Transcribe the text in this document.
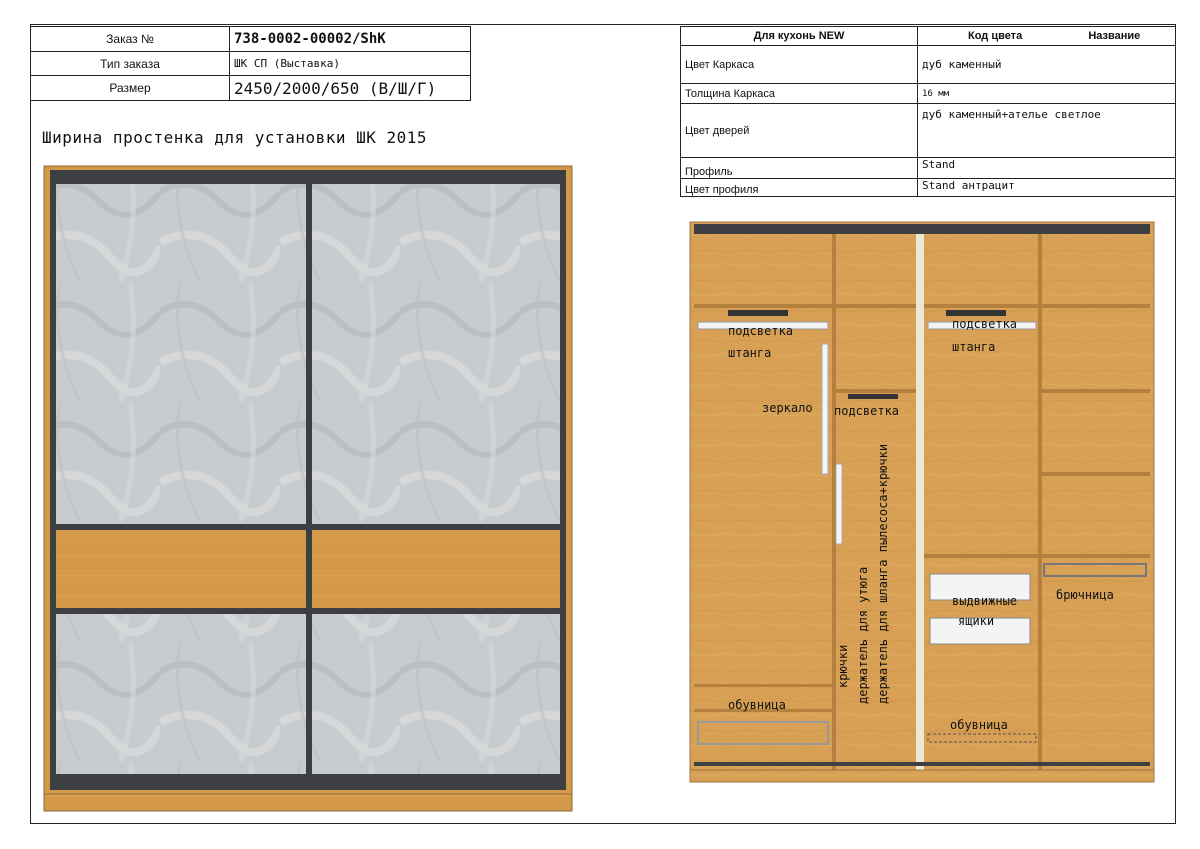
Заказ №	738-0002-00002/ShK
Тип заказа	ШК СП (Выставка)
Размер	2450/2000/650 (В/Ш/Г)
Ширина простенка для установки ШК 2015
Для кухонь NEW	Код цвета Название
Цвет Каркаса	дуб каменный
Толщина Каркаса	16 мм
Цвет дверей	дуб каменный+ателье светлое
Профиль	Stand
Цвет профиля	Stand антрацит
подсветка
штанга
зеркало подсветка
подсветка
штанга
обувница
обувница
выдвижные
ящики
брючница
крючки держатель для утюга держатель для шланга пылесоса+крючки
